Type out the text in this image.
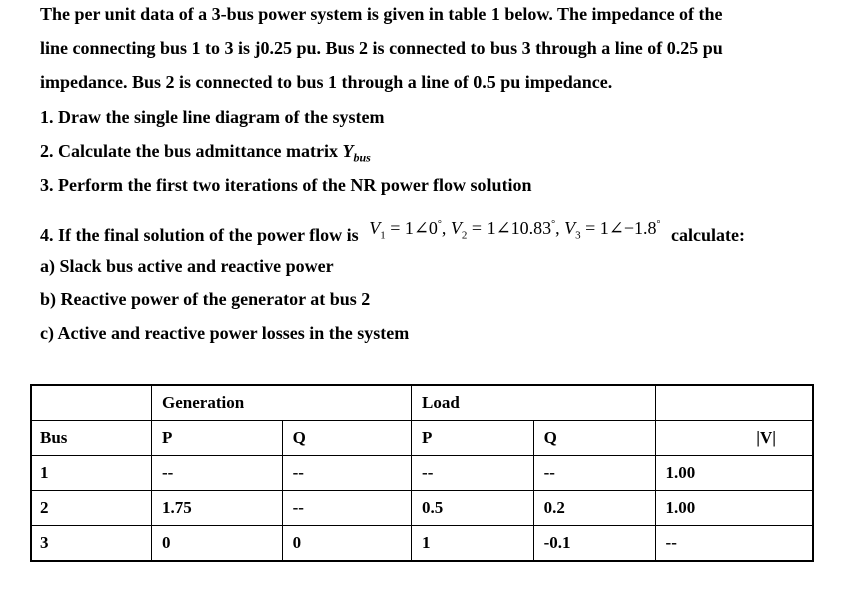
The per unit data of a 3-bus power system is given in table 1 below. The impedance of the
line connecting bus 1 to 3 is j0.25 pu. Bus 2 is connected to bus 3 through a line of 0.25 pu
impedance. Bus 2 is connected to bus 1 through a line of 0.5 pu impedance.
1. Draw the single line diagram of the system
2. Calculate the bus admittance matrix $Y_{bus}$
3. Perform the first two iterations of the NR power flow solution
4. If the final solution of the power flow is $V_1$ = 1∠0°, $V_2$ = 1∠10.83°, $V_3$ = 1∠−1.8° calculate:
a) Slack bus active and reactive power
b) Reactive power of the generator at bus 2
c) Active and reactive power losses in the system
	Generation		Load		
Bus	P	Q	P	Q	|V|
1	--	--	--	--	1.00
2	1.75	--	0.5	0.2	1.00
3	0	0	1	-0.1	--
